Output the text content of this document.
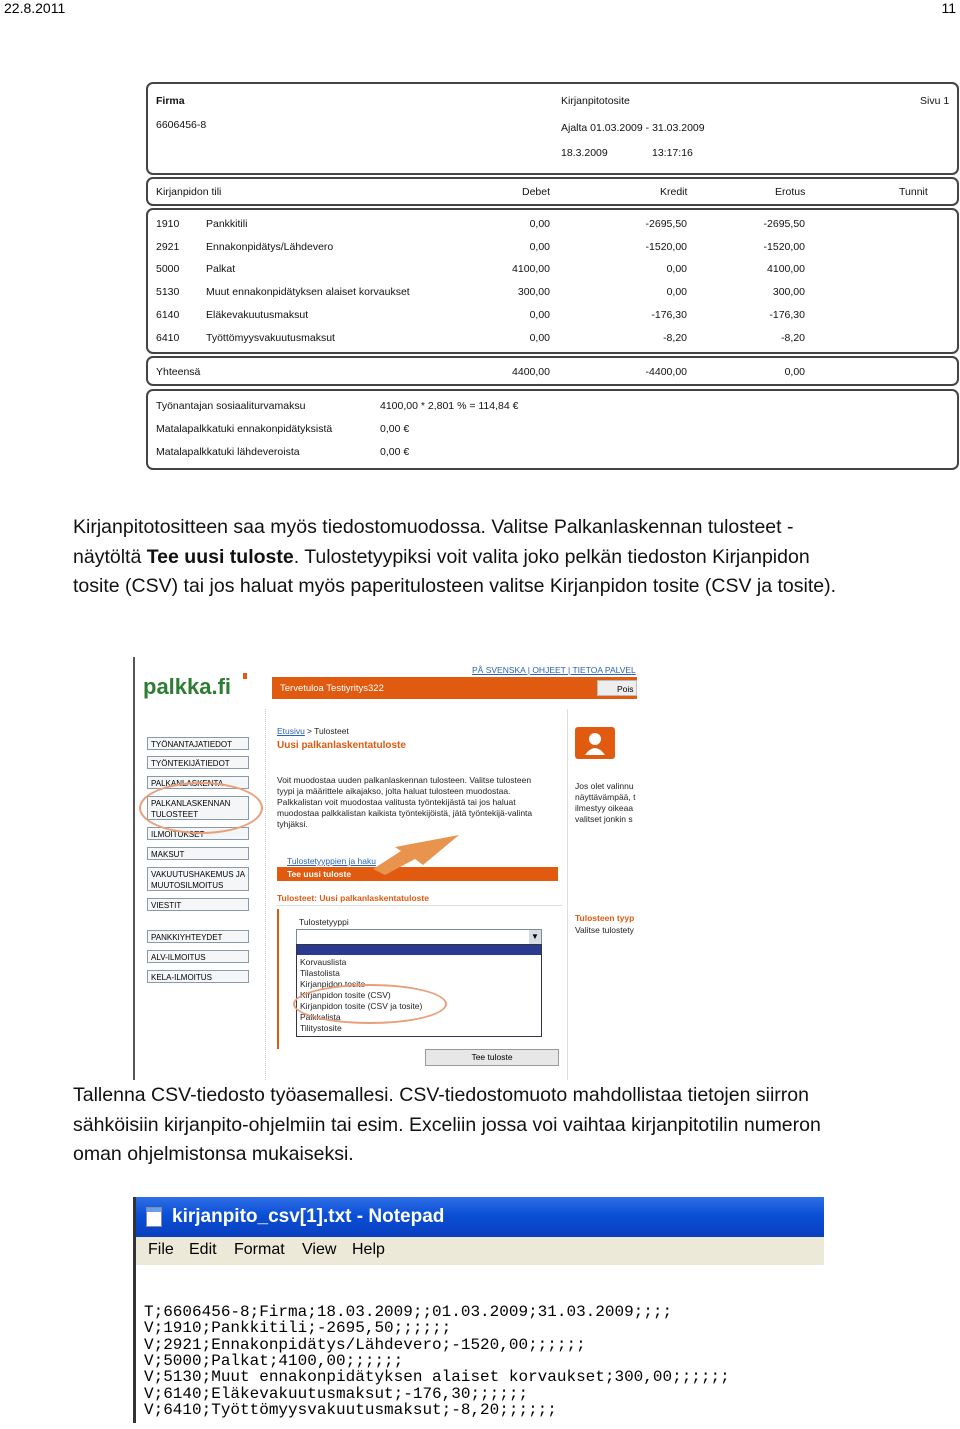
22.8.2011	11
Firma
6606456-8
Kirjanpitotosite
Ajalta 01.03.2009 - 31.03.2009
18.3.2009	13:17:16
Sivu 1
Kirjanpidon tili	Debet	Kredit	Erotus	Tunnit
1910	Pankkitili	0,00	-2695,50	-2695,50
2921	Ennakonpidätys/Lähdevero	0,00	-1520,00	-1520,00
5000	Palkat	4100,00	0,00	4100,00
5130	Muut ennakonpidätyksen alaiset korvaukset	300,00	0,00	300,00
6140	Eläkevakuutusmaksut	0,00	-176,30	-176,30
6410	Työttömyysvakuutusmaksut	0,00	-8,20	-8,20
Yhteensä	4400,00	-4400,00	0,00
Työnantajan sosiaaliturvamaksu	4100,00 * 2,801 % = 114,84 €
Matalapalkkatuki ennakonpidätyksistä	0,00 €
Matalapalkkatuki lähdeveroista	0,00 €
Kirjanpitotositteen saa myös tiedostomuodossa. Valitse Palkanlaskennan tulosteet -
näytöltä Tee uusi tuloste. Tulostetyypiksi voit valita joko pelkän tiedoston Kirjanpidon
tosite (CSV) tai jos haluat myös paperitulosteen valitse Kirjanpidon tosite (CSV ja tosite).
palkka.fi
PÅ SVENSKA | OHJEET | TIETOA PALVEL
Tervetuloa Testiyritys322	Pois
TYÖNANTAJATIEDOT
TYÖNTEKIJÄTIEDOT
PALKANLASKENTA
PALKANLASKENNAN TULOSTEET
ILMOITUKSET
MAKSUT
VAKUUTUSHAKEMUS JA MUUTOSILMOITUS
VIESTIT
PANKKIYHTEYDET
ALV-ILMOITUS
KELA-ILMOITUS
Etusivu > Tulosteet
Uusi palkanlaskentatuloste
Voit muodostaa uuden palkanlaskennan tulosteen. Valitse tulosteen
tyypi ja määrittele aikajakso, jolta haluat tulosteen muodostaa.
Palkkalistan voit muodostaa valitusta työntekijästä tai jos haluat
muodostaa palkkalistan kaikista työntekijöistä, jätä työntekijä-valinta
tyhjäksi.
Tulostetyyppien ja haku
Tee uusi tuloste
Tulosteet: Uusi palkanlaskentatuloste
Tulostetyyppi
▼
Korvauslista
Tilastolista
Kirjanpidon tosite
Kirjanpidon tosite (CSV)
Kirjanpidon tosite (CSV ja tosite)
Palkkalista
Tilitystosite
Tee tuloste
Jos olet valinnu
näyttävämpää, t
ilmestyy oikeaa
valitset jonkin s
Tulosteen tyyp
Valitse tulostety
Tallenna CSV-tiedosto työasemallesi. CSV-tiedostomuoto mahdollistaa tietojen siirron
sähköisiin kirjanpito-ohjelmiin tai esim. Exceliin jossa voi vaihtaa kirjanpitotilin numeron
oman ohjelmistonsa mukaiseksi.
kirjanpito_csv[1].txt - Notepad
File Edit Format View Help

T;6606456-8;Firma;18.03.2009;;01.03.2009;31.03.2009;;;;
V;1910;Pankkitili;-2695,50;;;;;;
V;2921;Ennakonpidätys/Lähdevero;-1520,00;;;;;;
V;5000;Palkat;4100,00;;;;;;
V;5130;Muut ennakonpidätyksen alaiset korvaukset;300,00;;;;;;
V;6140;Eläkevakuutusmaksut;-176,30;;;;;;
V;6410;Työttömyysvakuutusmaksut;-8,20;;;;;;
